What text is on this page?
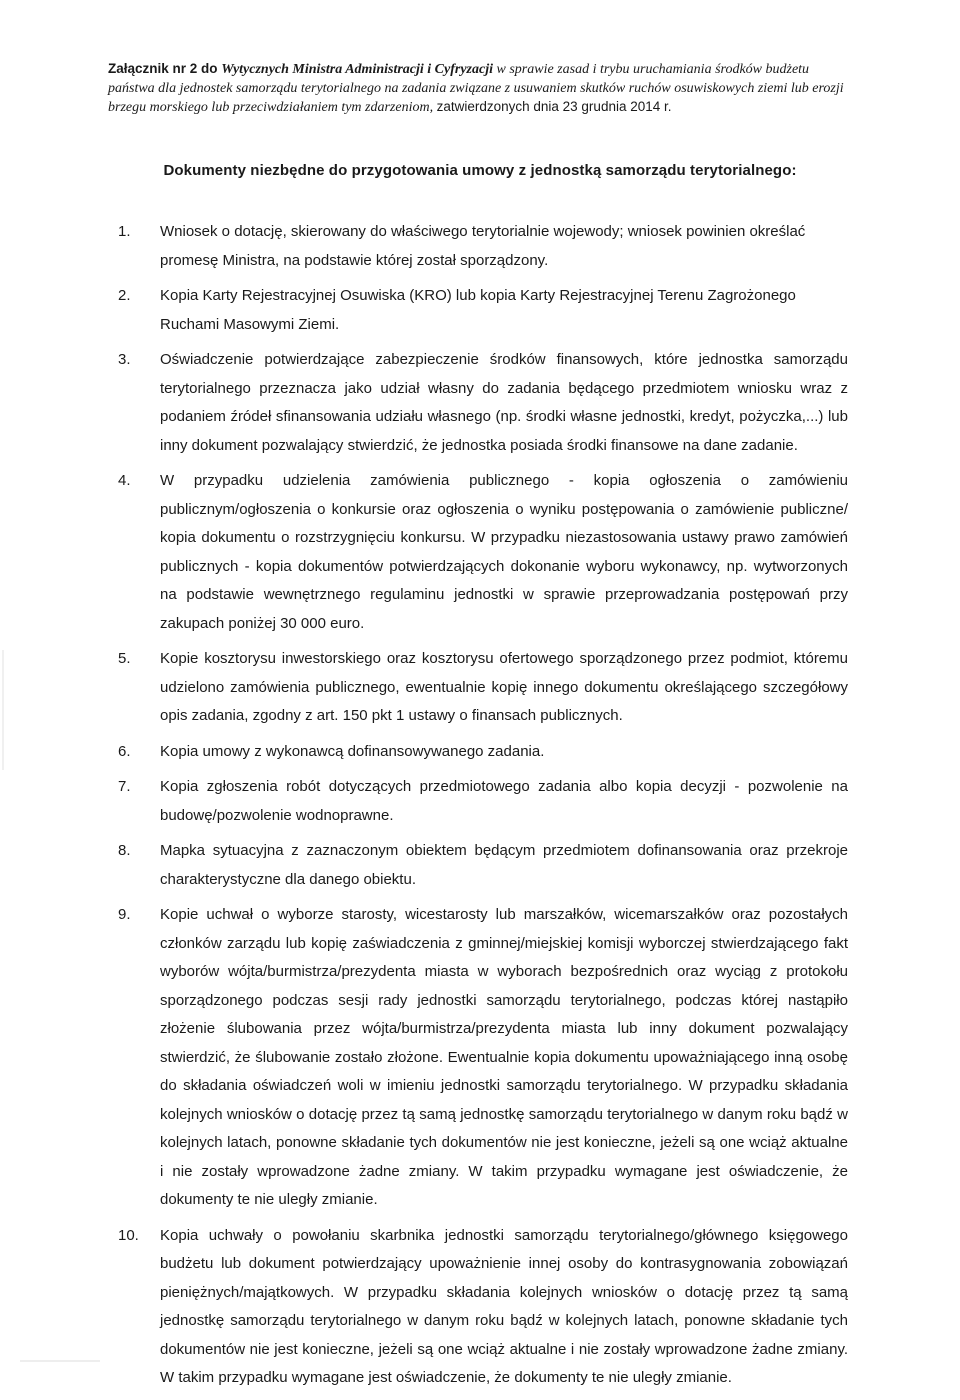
Załącznik nr 2 do Wytycznych Ministra Administracji i Cyfryzacji w sprawie zasad i trybu uruchamiania środków budżetu państwa dla jednostek samorządu terytorialnego na zadania związane z usuwaniem skutków ruchów osuwiskowych ziemi lub erozji brzegu morskiego lub przeciwdziałaniem tym zdarzeniom, zatwierdzonych dnia 23 grudnia 2014 r.
Dokumenty niezbędne do przygotowania umowy z jednostką samorządu terytorialnego:
1.	Wniosek o dotację, skierowany do właściwego terytorialnie wojewody; wniosek powinien określać promesę Ministra, na podstawie której został sporządzony.
2.	Kopia Karty Rejestracyjnej Osuwiska (KRO) lub kopia Karty Rejestracyjnej Terenu Zagrożonego Ruchami Masowymi Ziemi.
3.	Oświadczenie potwierdzające zabezpieczenie środków finansowych, które jednostka samorządu terytorialnego przeznacza jako udział własny do zadania będącego przedmiotem wniosku wraz z podaniem źródeł sfinansowania udziału własnego (np. środki własne jednostki, kredyt, pożyczka,...) lub inny dokument pozwalający stwierdzić, że jednostka posiada środki finansowe na dane zadanie.
4.	W przypadku udzielenia zamówienia publicznego - kopia ogłoszenia o zamówieniu publicznym/ogłoszenia o konkursie oraz ogłoszenia o wyniku postępowania o zamówienie publiczne/ kopia dokumentu o rozstrzygnięciu konkursu. W przypadku niezastosowania ustawy prawo zamówień publicznych - kopia dokumentów potwierdzających dokonanie wyboru wykonawcy, np. wytworzonych na podstawie wewnętrznego regulaminu jednostki w sprawie przeprowadzania postępowań przy zakupach poniżej 30 000 euro.
5.	Kopie kosztorysu inwestorskiego oraz kosztorysu ofertowego sporządzonego przez podmiot, któremu udzielono zamówienia publicznego, ewentualnie kopię innego dokumentu określającego szczegółowy opis zadania, zgodny z art. 150 pkt 1 ustawy o finansach publicznych.
6.	Kopia umowy z wykonawcą dofinansowywanego zadania.
7.	Kopia zgłoszenia robót dotyczących przedmiotowego zadania albo kopia decyzji - pozwolenie na budowę/pozwolenie wodnoprawne.
8.	Mapka sytuacyjna z zaznaczonym obiektem będącym przedmiotem dofinansowania oraz przekroje charakterystyczne dla danego obiektu.
9.	Kopie uchwał o wyborze starosty, wicestarosty lub marszałków, wicemarszałków oraz pozostałych członków zarządu lub kopię zaświadczenia z gminnej/miejskiej komisji wyborczej stwierdzającego fakt wyborów wójta/burmistrza/prezydenta miasta w wyborach bezpośrednich oraz wyciąg z protokołu sporządzonego podczas sesji rady jednostki samorządu terytorialnego, podczas której nastąpiło złożenie ślubowania przez wójta/burmistrza/prezydenta miasta lub inny dokument pozwalający stwierdzić, że ślubowanie zostało złożone. Ewentualnie kopia dokumentu upoważniającego inną osobę do składania oświadczeń woli w imieniu jednostki samorządu terytorialnego. W przypadku składania kolejnych wniosków o dotację przez tą samą jednostkę samorządu terytorialnego w danym roku bądź w kolejnych latach, ponowne składanie tych dokumentów nie jest konieczne, jeżeli są one wciąż aktualne i nie zostały wprowadzone żadne zmiany. W takim przypadku wymagane jest oświadczenie, że dokumenty te nie uległy zmianie.
10.	Kopia uchwały o powołaniu skarbnika jednostki samorządu terytorialnego/głównego księgowego budżetu lub dokument potwierdzający upoważnienie innej osoby do kontrasygnowania zobowiązań pieniężnych/majątkowych. W przypadku składania kolejnych wniosków o dotację przez tą samą jednostkę samorządu terytorialnego w danym roku bądź w kolejnych latach, ponowne składanie tych dokumentów nie jest konieczne, jeżeli są one wciąż aktualne i nie zostały wprowadzone żadne zmiany. W takim przypadku wymagane jest oświadczenie, że dokumenty te nie uległy zmianie.
